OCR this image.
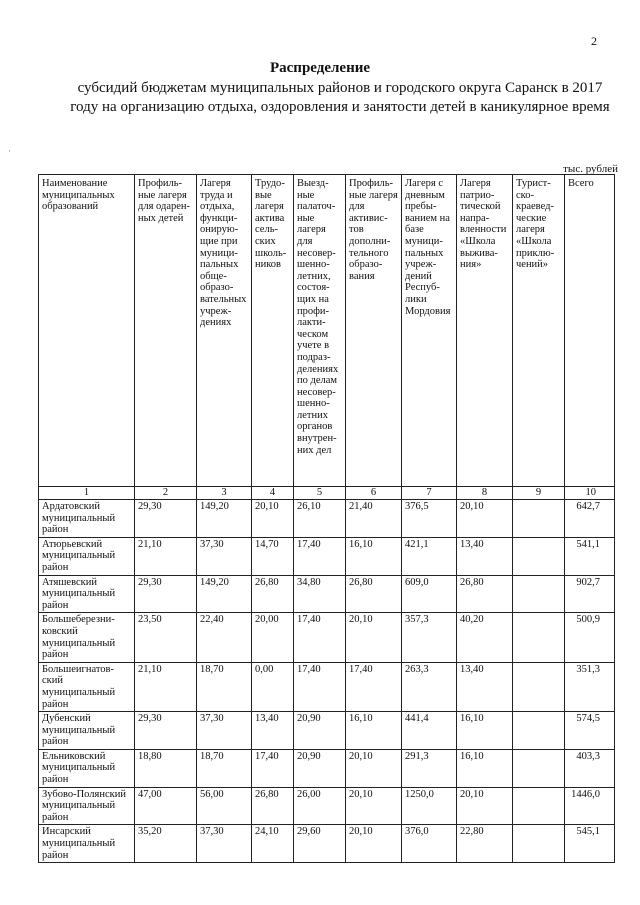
2
·
Распределение
субсидий бюджетам муниципальных районов и городского округа Саранск в 2017 году на организацию отдыха, оздоровления и занятости детей в каникулярное время
тыс. рублей
Наименование муниципальных образований	Профильные лагеря для одаренных детей	Лагеря труда и отдыха, функционирующие при муниципальных общеобразовательных учреждениях	Трудовые лагеря актива сельских школьников	Выездные палаточные лагеря для несовершеннолетних, состоящих на профилактическом учете в подразделениях по делам несовершеннолетних органов внутренних дел	Профильные лагеря для активистов дополнительного образования	Лагеря с дневным пребыванием на базе муниципальных учреждений Республики Мордовия	Лагеря патриотической направленности «Школа выживания»	Туристско-краеведческие лагеря «Школа приключений»	Всего
1	2	3	4	5	6	7	8	9	10
Ардатовский муниципальный район	29,30	149,20	20,10	26,10	21,40	376,5	20,10		642,7
Атюрьевский муниципальный район	21,10	37,30	14,70	17,40	16,10	421,1	13,40		541,1
Атяшевский муниципальный район	29,30	149,20	26,80	34,80	26,80	609,0	26,80		902,7
Большеберезниковский муниципальный район	23,50	22,40	20,00	17,40	20,10	357,3	40,20		500,9
Большеигнатовский муниципальный район	21,10	18,70	0,00	17,40	17,40	263,3	13,40		351,3
Дубенский муниципальный район	29,30	37,30	13,40	20,90	16,10	441,4	16,10		574,5
Ельниковский муниципальный район	18,80	18,70	17,40	20,90	20,10	291,3	16,10		403,3
Зубово-Полянский муниципальный район	47,00	56,00	26,80	26,00	20,10	1250,0	20,10		1446,0
Инсарский муниципальный район	35,20	37,30	24,10	29,60	20,10	376,0	22,80		545,1
